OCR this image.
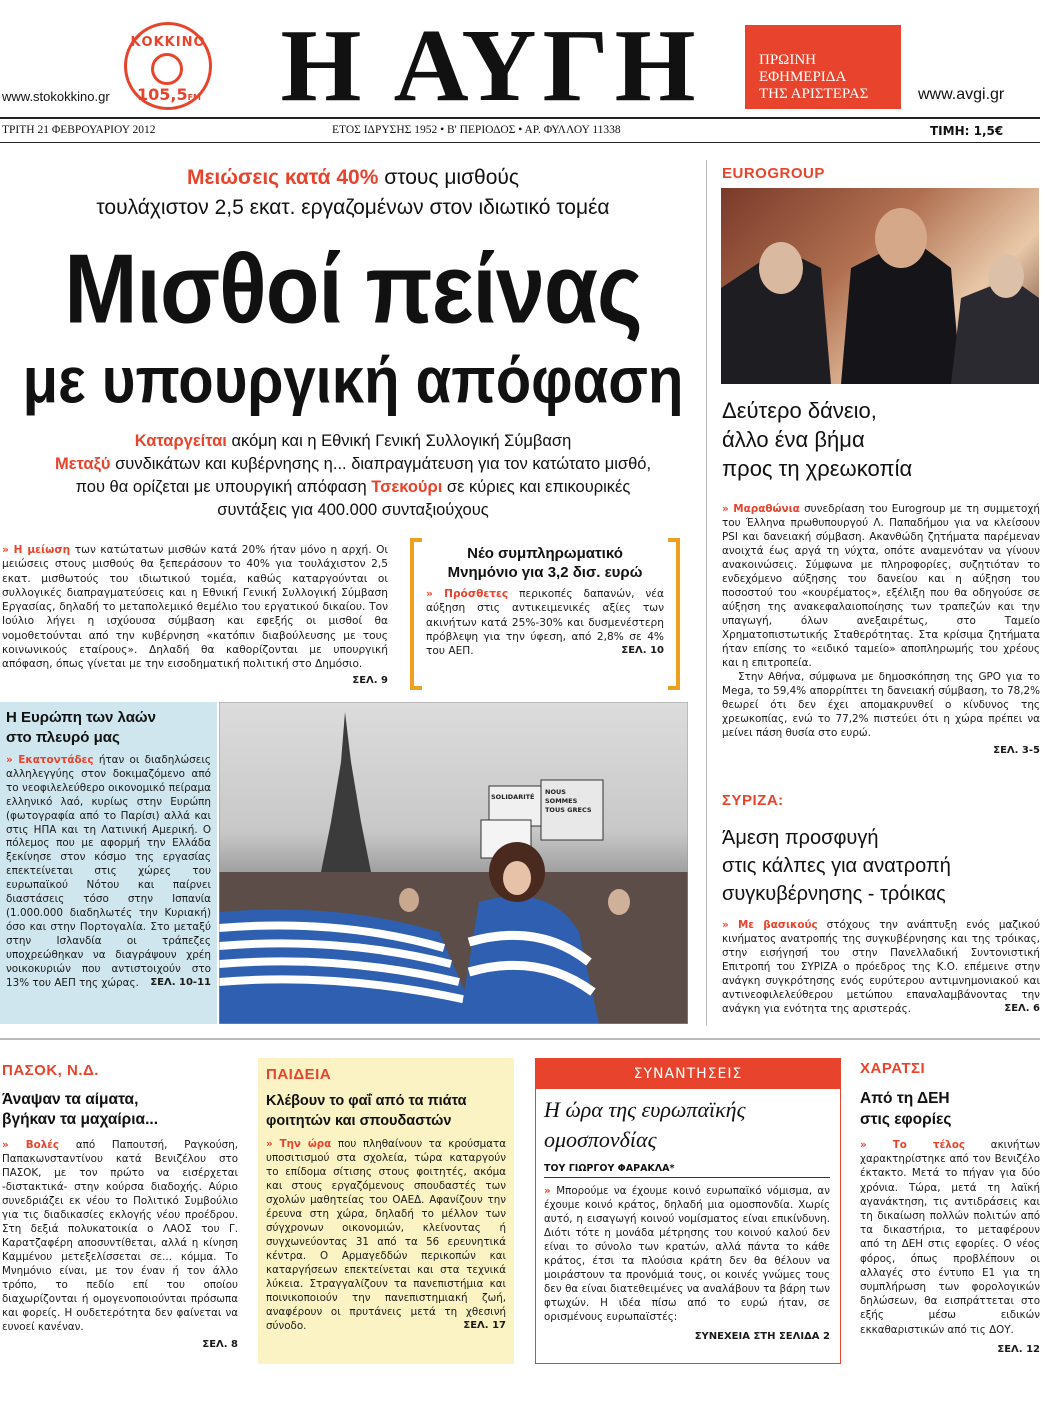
ΚΟΚΚΙΝΟ
105,5FM
www.stokokkino.gr	Η ΑΥΓΗ	ΠΡΩΙΝΗ
ΕΦΗΜΕΡΙΔΑ
ΤΗΣ ΑΡΙΣΤΕΡΑΣ	www.avgi.gr
ΤΡΙΤΗ 21 ΦΕΒΡΟΥΑΡΙΟΥ 2012	ΕΤΟΣ ΙΔΡΥΣΗΣ 1952 • Β' ΠΕΡΙΟΔΟΣ • ΑΡ. ΦΥΛΛΟΥ 11338	ΤΙΜΗ: 1,5€
Μειώσεις κατά 40% στους μισθούς
τουλάχιστον 2,5 εκατ. εργαζομένων στον ιδιωτικό τομέα
Μισθοί πείνας
με υπουργική απόφαση
Καταργείται ακόμη και η Εθνική Γενική Συλλογική Σύμβαση
Μεταξύ συνδικάτων και κυβέρνησης η... διαπραγμάτευση για τον κατώτατο μισθό,
που θα ορίζεται με υπουργική απόφαση Τσεκούρι σε κύριες και επικουρικές
συντάξεις για 400.000 συνταξιούχους
» Η μείωση των κατώτατων μισθών κατά 20% ήταν μόνο η αρχή. Οι μειώσεις στους μισθούς θα ξεπεράσουν το 40% για τουλάχιστον 2,5 εκατ. μισθωτούς του ιδιωτικού τομέα, καθώς καταργούνται οι συλλογικές διαπραγματεύσεις και η Εθνική Γενική Συλλογική Σύμβαση Εργασίας, δηλαδή το μεταπολεμικό θεμέλιο του εργατικού δικαίου. Τον Ιούλιο λήγει η ισχύουσα σύμβαση και εφεξής οι μισθοί θα νομοθετούνται από την κυβέρνηση «κατόπιν διαβούλευσης με τους κοινωνικούς εταίρους». Δηλαδή θα καθορίζονται με υπουργική απόφαση, όπως γίνεται με την εισοδηματική πολιτική στο Δημόσιο.
ΣΕΛ. 9
Νέο συμπληρωματικό
Μνημόνιο για 3,2 δισ. ευρώ
» Πρόσθετες περικοπές δαπανών, νέα αύξηση στις αντικειμενικές αξίες των ακινήτων κατά 25%-30% και δυσμενέστερη πρόβλεψη για την ύφεση, από 2,8% σε 4% του ΑΕΠ.	ΣΕΛ. 10
Η Ευρώπη των λαών
στο πλευρό μας
» Εκατοντάδες ήταν οι διαδηλώσεις αλληλεγγύης στον δοκιμαζόμενο από το νεοφιλελεύθερο οικονομικό πείραμα ελληνικό λαό, κυρίως στην Ευρώπη (φωτογραφία από το Παρίσι) αλλά και στις ΗΠΑ και τη Λατινική Αμερική. Ο πόλεμος που με αφορμή την Ελλάδα ξεκίνησε στον κόσμο της εργασίας επεκτείνεται στις χώρες του ευρωπαϊκού Νότου και παίρνει διαστάσεις τόσο στην Ισπανία (1.000.000 διαδηλωτές την Κυριακή) όσο και στην Πορτογαλία. Στο μεταξύ στην Ισλανδία οι τράπεζες υποχρεώθηκαν να διαγράψουν χρέη νοικοκυριών που αντιστοιχούν στο 13% του ΑΕΠ της χώρας.	ΣΕΛ. 10-11
SOLIDARITÉ
NOUS SOMMES TOUS GRECS
EUROGROUP
Δεύτερο δάνειο,
άλλο ένα βήμα
προς τη χρεωκοπία
» Μαραθώνια συνεδρίαση του Eurogroup με τη συμμετοχή του Έλληνα πρωθυπουργού Λ. Παπαδήμου για να κλείσουν PSI και δανειακή σύμβαση. Ακανθώδη ζητήματα παρέμεναν ανοιχτά έως αργά τη νύχτα, οπότε αναμενόταν να γίνουν ανακοινώσεις. Σύμφωνα με πληροφορίες, συζητιόταν το ενδεχόμενο αύξησης του δανείου και η αύξηση του ποσοστού του «κουρέματος», εξέλιξη που θα οδηγούσε σε αύξηση της ανακεφαλαιοποίησης των τραπεζών και την υπαγωγή, όλων ανεξαιρέτως, στο Ταμείο Χρηματοπιστωτικής Σταθερότητας. Στα κρίσιμα ζητήματα ήταν επίσης το «ειδικό ταμείο» αποπληρωμής του χρέους και η επιτροπεία.
Στην Αθήνα, σύμφωνα με δημοσκόπηση της GPO για το Mega, το 59,4% απορρίπτει τη δανειακή σύμβαση, το 78,2% θεωρεί ότι δεν έχει απομακρυνθεί ο κίνδυνος της χρεωκοπίας, ενώ το 77,2% πιστεύει ότι η χώρα πρέπει να μείνει πάση θυσία στο ευρώ.
ΣΕΛ. 3-5
ΣΥΡΙΖΑ:
Άμεση προσφυγή
στις κάλπες για ανατροπή
συγκυβέρνησης - τρόικας
» Με βασικούς στόχους την ανάπτυξη ενός μαζικού κινήματος ανατροπής της συγκυβέρνησης και της τρόικας, στην εισήγησή του στην Πανελλαδική Συντονιστική Επιτροπή του ΣΥΡΙΖΑ ο πρόεδρος της Κ.Ο. επέμεινε στην ανάγκη συγκρότησης ενός ευρύτερου αντιμνημονιακού και αντινεοφιλελεύθερου μετώπου επαναλαμβάνοντας την ανάγκη για ενότητα της αριστεράς.	ΣΕΛ. 6
ΠΑΣΟΚ, Ν.Δ.
Άναψαν τα αίματα,
βγήκαν τα μαχαίρια...
» Βολές από Παπουτσή, Ραγκούση, Παπακωνσταντίνου κατά Βενιζέλου στο ΠΑΣΟΚ, με τον πρώτο να εισέρχεται -διστακτικά- στην κούρσα διαδοχής. Αύριο συνεδριάζει εκ νέου το Πολιτικό Συμβούλιο για τις διαδικασίες εκλογής νέου προέδρου. Στη δεξιά πολυκατοικία ο ΛΑΟΣ του Γ. Καρατζαφέρη αποσυντίθεται, αλλά η κίνηση Καμμένου μετεξελίσσεται σε... κόμμα. Το Μνημόνιο είναι, με τον έναν ή τον άλλο τρόπο, το πεδίο επί του οποίου διαχωρίζονται ή ομογενοποιούνται πρόσωπα και φορείς. Η ουδετερότητα δεν φαίνεται να ευνοεί κανέναν.
ΣΕΛ. 8
ΠΑΙΔΕΙΑ
Κλέβουν το φαΐ από τα πιάτα
φοιτητών και σπουδαστών
» Την ώρα που πληθαίνουν τα κρούσματα υποσιτισμού στα σχολεία, τώρα καταργούν το επίδομα σίτισης στους φοιτητές, ακόμα και στους εργαζόμενους σπουδαστές των σχολών μαθητείας του ΟΑΕΔ. Αφανίζουν την έρευνα στη χώρα, δηλαδή το μέλλον των σύγχρονων οικονομιών, κλείνοντας ή συγχωνεύοντας 31 από τα 56 ερευνητικά κέντρα. Ο Αρμαγεδδών περικοπών και καταργήσεων επεκτείνεται και στα τεχνικά λύκεια. Στραγγαλίζουν τα πανεπιστήμια και ποινικοποιούν την πανεπιστημιακή ζωή, αναφέρουν οι πρυτάνεις μετά τη χθεσινή σύνοδο.	ΣΕΛ. 17
ΣΥΝΑΝΤΗΣΕΙΣ
Η ώρα της ευρωπαϊκής
ομοσπονδίας
ΤΟΥ ΓΙΩΡΓΟΥ ΦΑΡΑΚΛΑ*
» Μπορούμε να έχουμε κοινό ευρωπαϊκό νόμισμα, αν έχουμε κοινό κράτος, δηλαδή μια ομοσπονδία. Χωρίς αυτό, η εισαγωγή κοινού νομίσματος είναι επικίνδυνη. Διότι τότε η μονάδα μέτρησης του κοινού καλού δεν είναι το σύνολο των κρατών, αλλά πάντα το κάθε κράτος, έτσι τα πλούσια κράτη δεν θα θέλουν να μοιράστουν τα προνόμιά τους, οι κοινές γνώμες τους δεν θα είναι διατεθειμένες να αναλάβουν τα βάρη των φτωχών. Η ιδέα πίσω από το ευρώ ήταν, σε ορισμένους ευρωπαϊστές:
ΣΥΝΕΧΕΙΑ ΣΤΗ ΣΕΛΙΔΑ 2
ΧΑΡΑΤΣΙ
Από τη ΔΕΗ
στις εφορίες
» Το τέλος ακινήτων χαρακτηρίστηκε από τον Βενιζέλο έκτακτο. Μετά το πήγαν για δύο χρόνια. Τώρα, μετά τη λαϊκή αγανάκτηση, τις αντιδράσεις και τη δικαίωση πολλών πολιτών από τα δικαστήρια, το μεταφέρουν από τη ΔΕΗ στις εφορίες. Ο νέος φόρος, όπως προβλέπουν οι αλλαγές στο έντυπο Ε1 για τη συμπλήρωση των φορολογικών δηλώσεων, θα εισπράττεται στο εξής μέσω ειδικών εκκαθαριστικών από τις ΔΟΥ.
ΣΕΛ. 12
